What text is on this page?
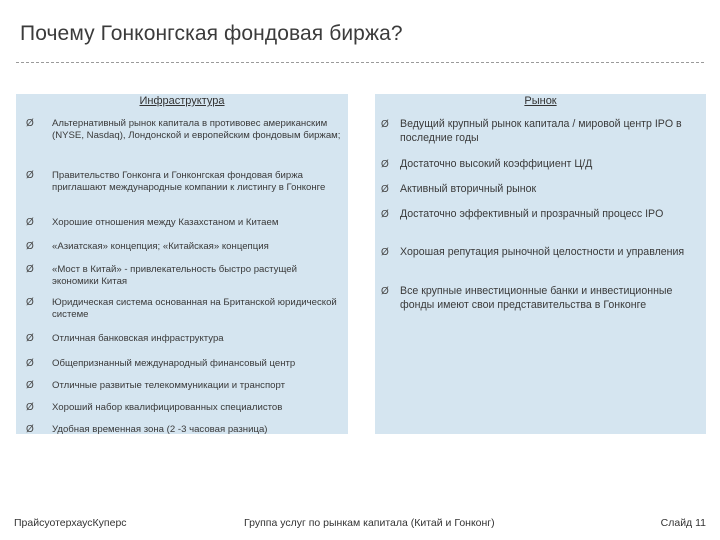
Почему Гонконгская фондовая биржа?
Инфраструктура
Ø Альтернативный рынок капитала в противовес американским (NYSE, Nasdaq), Лондонской и европейским фондовым биржам;
Ø Правительство Гонконга и Гонконгская фондовая биржа приглашают международные компании к листингу в Гонконге
Ø Хорошие отношения между Казахстаном и Китаем
Ø «Азиатская» концепция; «Китайская» концепция
Ø «Мост в Китай» - привлекательность быстро растущей экономики Китая
Ø Юридическая система основанная на Британской юридической системе
Ø Отличная банковская инфраструктура
Ø Общепризнанный международный финансовый центр
Ø Отличные развитые телекоммуникации и транспорт
Ø Хороший набор квалифицированных специалистов
Ø Удобная временная зона (2 -3 часовая разница)
Рынок
Ø Ведущий крупный рынок капитала / мировой центр IPO в последние годы
Ø Достаточно высокий коэффициент Ц/Д
Ø Активный вторичный рынок
Ø Достаточно эффективный и прозрачный процесс IPO
Ø Хорошая репутация рыночной целостности и управления
Ø Все крупные инвестиционные банки и инвестиционные фонды имеют свои представительства в Гонконге
ПрайсуотерхаусКуперс	Группа услуг по рынкам капитала (Китай и Гонконг)	Слайд 11
